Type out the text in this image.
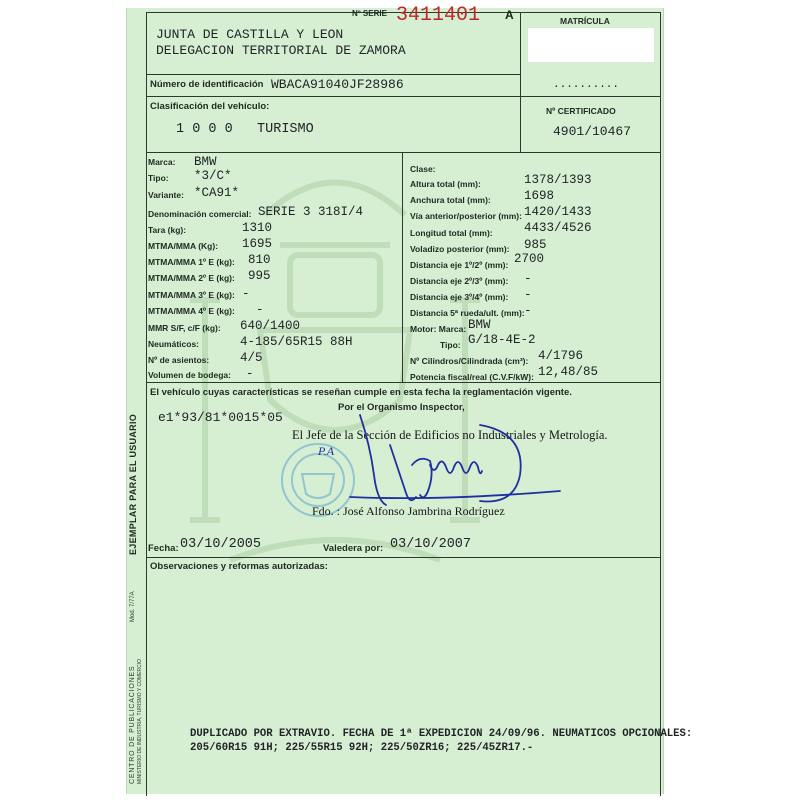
Nº SERIE 3411401 A
JUNTA DE CASTILLA Y LEON
DELEGACION TERRITORIAL DE ZAMORA
MATRÍCULA
Número de identificación WBACA91040JF28986	..........
Clasificación del vehículo:
1 0 0 0   TURISMO
Nº CERTIFICADO
4901/10467
Marca: BMW
Tipo: *3/C*
Variante: *CA91*
Denominación comercial: SERIE 3 318I/4
Tara (kg):	1310
MTMA/MMA (Kg): 1695
MTMA/MMA 1º E (kg): 810
MTMA/MMA 2º E (kg): 995
MTMA/MMA 3º E (kg): -
MTMA/MMA 4º E (kg): -
MMR S/F, c/F (kg): 640/1400
Neumáticos:	4-185/65R15 88H
Nº de asientos: 4/5
Volumen de bodega: -
Clase:
Altura total (mm):	1378/1393
Anchura total (mm):	1698
Vía anterior/posterior (mm): 1420/1433
Longitud total (mm):	4433/4526
Voladizo posterior (mm): 985
Distancia eje 1º/2º (mm): 2700
Distancia eje 2º/3º (mm): -
Distancia eje 3º/4º (mm): -
Distancia 5ª rueda/ult. (mm): -
Motor: Marca: BMW
Tipo: G/18-4E-2
Nº Cilindros/Cilindrada (cm³): 4/1796
Potencia fiscal/real (C.V.F/kW): 12,48/85
El vehículo cuyas características se reseñan cumple en esta fecha la reglamentación vigente.
Por el Organismo Inspector,
e1*93/81*0015*05
El Jefe de la Sección de Edificios no Industriales y Metrología.
P.A
Fdo. : José Alfonso Jambrina Rodríguez
Fecha: 03/10/2005	Valedera por: 03/10/2007
Observaciones y reformas autorizadas:
DUPLICADO POR EXTRAVIO. FECHA DE 1ª EXPEDICION 24/09/96. NEUMATICOS OPCIONALES:
205/60R15 91H; 225/55R15 92H; 225/50ZR16; 225/45ZR17.-
EJEMPLAR PARA EL USUARIO
Mod. 7/77A
CENTRO DE PUBLICACIONES MINISTERIO DE INDUSTRIA, TURISMO Y COMERCIO
